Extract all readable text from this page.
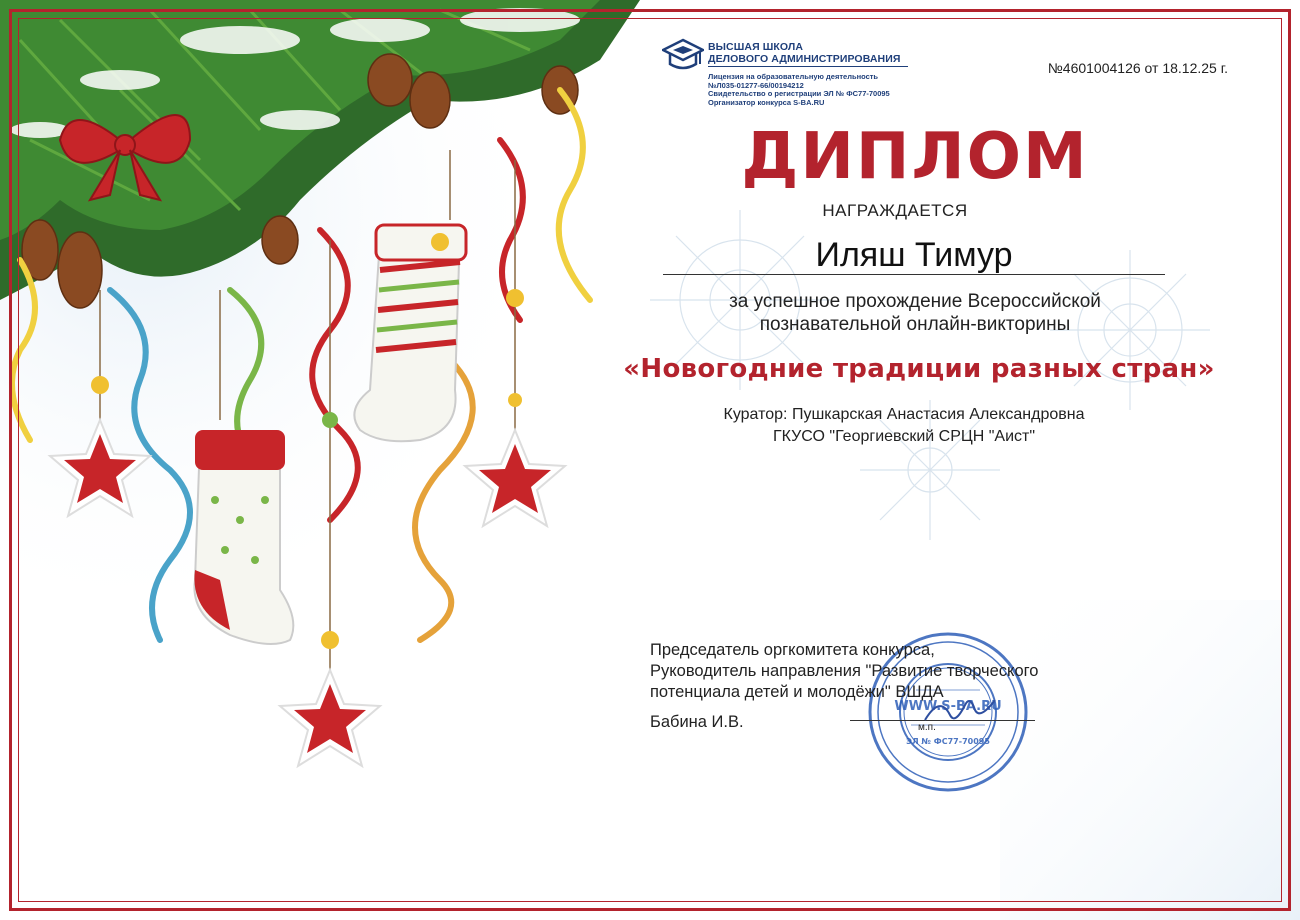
ВЫСШАЯ ШКОЛА
ДЕЛОВОГО АДМИНИСТРИРОВАНИЯ
Лицензия на образовательную деятельность
№Л035-01277-66/00194212
Свидетельство о регистрации ЭЛ № ФС77-70095
Организатор конкурса S-BA.RU
№4601004126 от 18.12.25 г.
ДИПЛОМ
НАГРАЖДАЕТСЯ
Иляш Тимур
за успешное прохождение Всероссийской
познавательной онлайн-викторины
«Новогодние традиции разных стран»
Куратор: Пушкарская Анастасия Александровна
ГКУСО "Георгиевский СРЦН "Аист"
WWW.S-BA.RU
ЭЛ № ФС77-70095
Председатель оргкомитета конкурса,
Руководитель направления "Развитие творческого
потенциала детей и молодёжи" ВШДА
Бабина И.В.	м.п.
